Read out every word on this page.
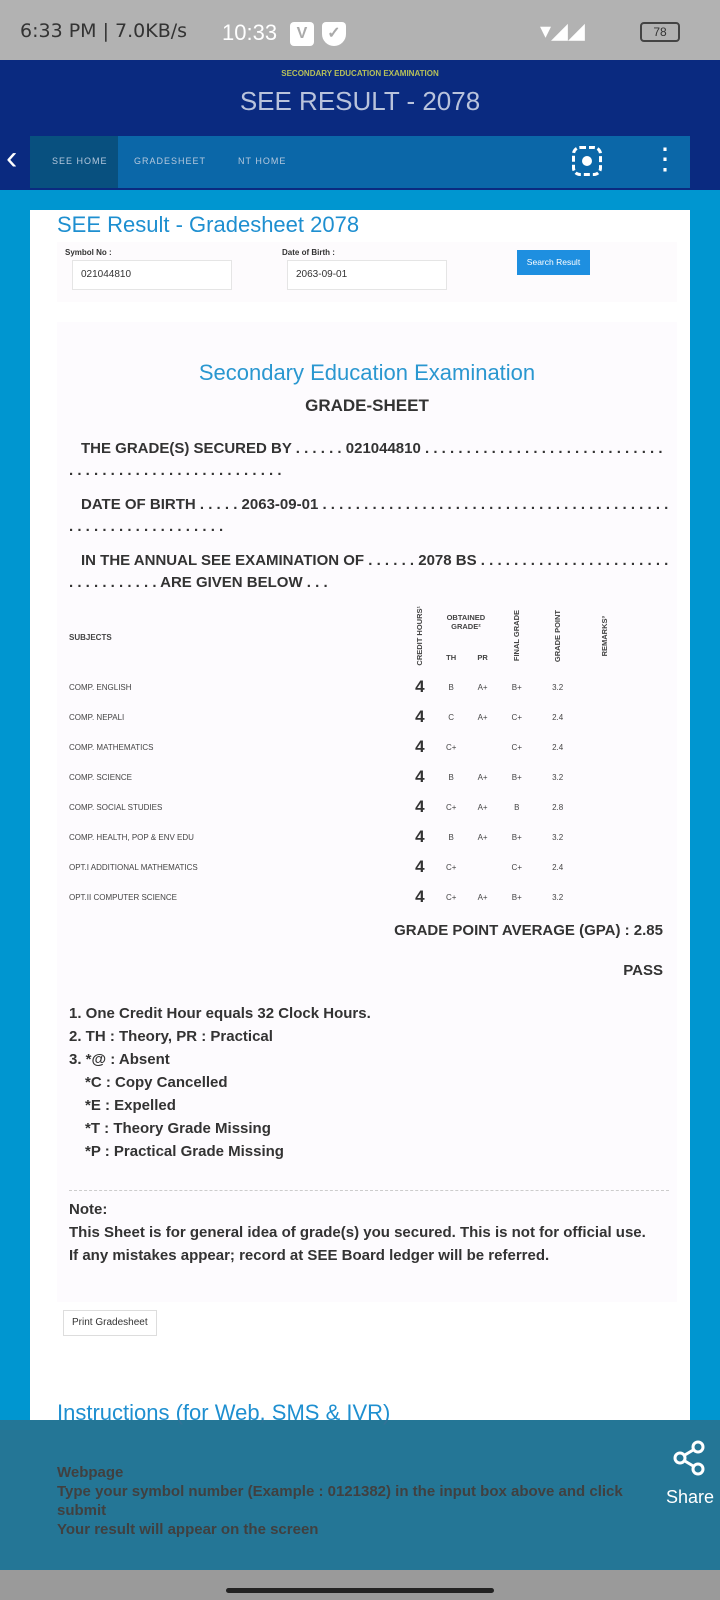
6:33 PM | 7.0KB/s 10:33	V	✓	▾◢◢	78
SECONDARY EDUCATION EXAMINATION
SEE RESULT - 2078
SEE HOME	GRADESHEET	NT HOME
‹	⋮
SEE Result - Gradesheet 2078
Symbol No :
021044810
Date of Birth :
2063-09-01
Search Result
Secondary Education Examination
GRADE-SHEET
THE GRADE(S) SECURED BY . . . . . . 021044810 . . . . . . . . . . . . . . . . . . . . . . . . . . . . . . . . . . . . . . . . . . . . . . . . . . . . . . .
DATE OF BIRTH . . . . . 2063-09-01 . . . . . . . . . . . . . . . . . . . . . . . . . . . . . . . . . . . . . . . . . . . . . . . . . . . . . . . . . . . . .
IN THE ANNUAL SEE EXAMINATION OF . . . . . . 2078 BS . . . . . . . . . . . . . . . . . . . . . . . . . . . . . . . . . . ARE GIVEN BELOW . . .
SUBJECTS	CREDIT HOURS¹	OBTAINED GRADE²		FINAL GRADE	GRADE POINT	REMARKS³
		TH	PR			
COMP. ENGLISH	4	B	A+	B+	3.2	
COMP. NEPALI	4	C	A+	C+	2.4	
COMP. MATHEMATICS	4	C+		C+	2.4	
COMP. SCIENCE	4	B	A+	B+	3.2	
COMP. SOCIAL STUDIES	4	C+	A+	B	2.8	
COMP. HEALTH, POP & ENV EDU	4	B	A+	B+	3.2	
OPT.I ADDITIONAL MATHEMATICS	4	C+		C+	2.4	
OPT.II COMPUTER SCIENCE	4	C+	A+	B+	3.2	
GRADE POINT AVERAGE (GPA) : 2.85
PASS
1. One Credit Hour equals 32 Clock Hours.
2. TH : Theory, PR : Practical
3. *@ : Absent
*C : Copy Cancelled
*E : Expelled
*T : Theory Grade Missing
*P : Practical Grade Missing
Note:
This Sheet is for general idea of grade(s) you secured. This is not for official use. If any mistakes appear; record at SEE Board ledger will be referred.
Print Gradesheet
Instructions (for Web, SMS & IVR)
Webpage
Type your symbol number (Example : 0121382) in the input box above and click submit
Your result will appear on the screen
Share
